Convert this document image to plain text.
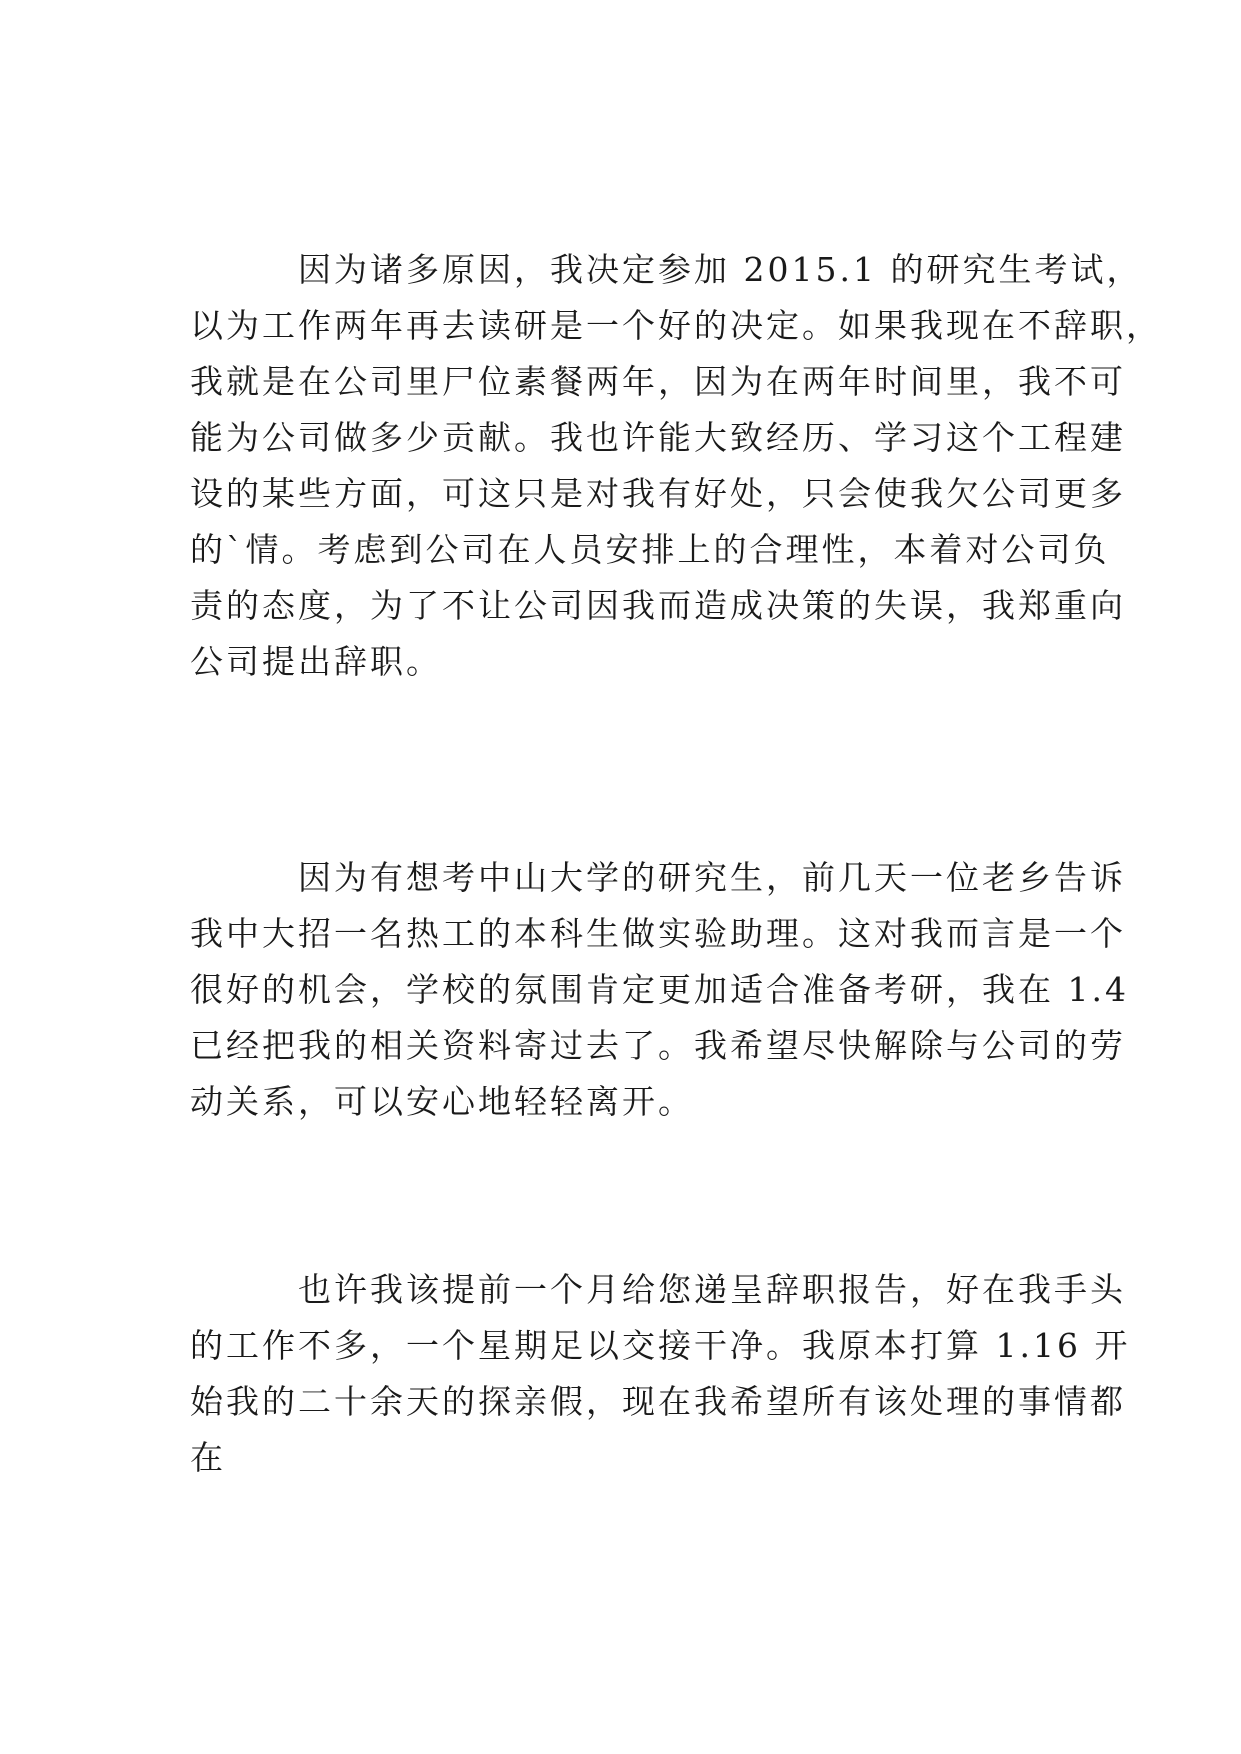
因为诸多原因，我决定参加 2015.1 的研究生考试，
以为工作两年再去读研是一个好的决定。如果我现在不辞职，
我就是在公司里尸位素餐两年，因为在两年时间里，我不可
能为公司做多少贡献。我也许能大致经历、学习这个工程建
设的某些方面，可这只是对我有好处，只会使我欠公司更多
的`情。考虑到公司在人员安排上的合理性，本着对公司负
责的态度，为了不让公司因我而造成决策的失误，我郑重向
公司提出辞职。
因为有想考中山大学的研究生，前几天一位老乡告诉
我中大招一名热工的本科生做实验助理。这对我而言是一个
很好的机会，学校的氛围肯定更加适合准备考研，我在 1.4
已经把我的相关资料寄过去了。我希望尽快解除与公司的劳
动关系，可以安心地轻轻离开。
也许我该提前一个月给您递呈辞职报告，好在我手头
的工作不多，一个星期足以交接干净。我原本打算 1.16 开
始我的二十余天的探亲假，现在我希望所有该处理的事情都
在
